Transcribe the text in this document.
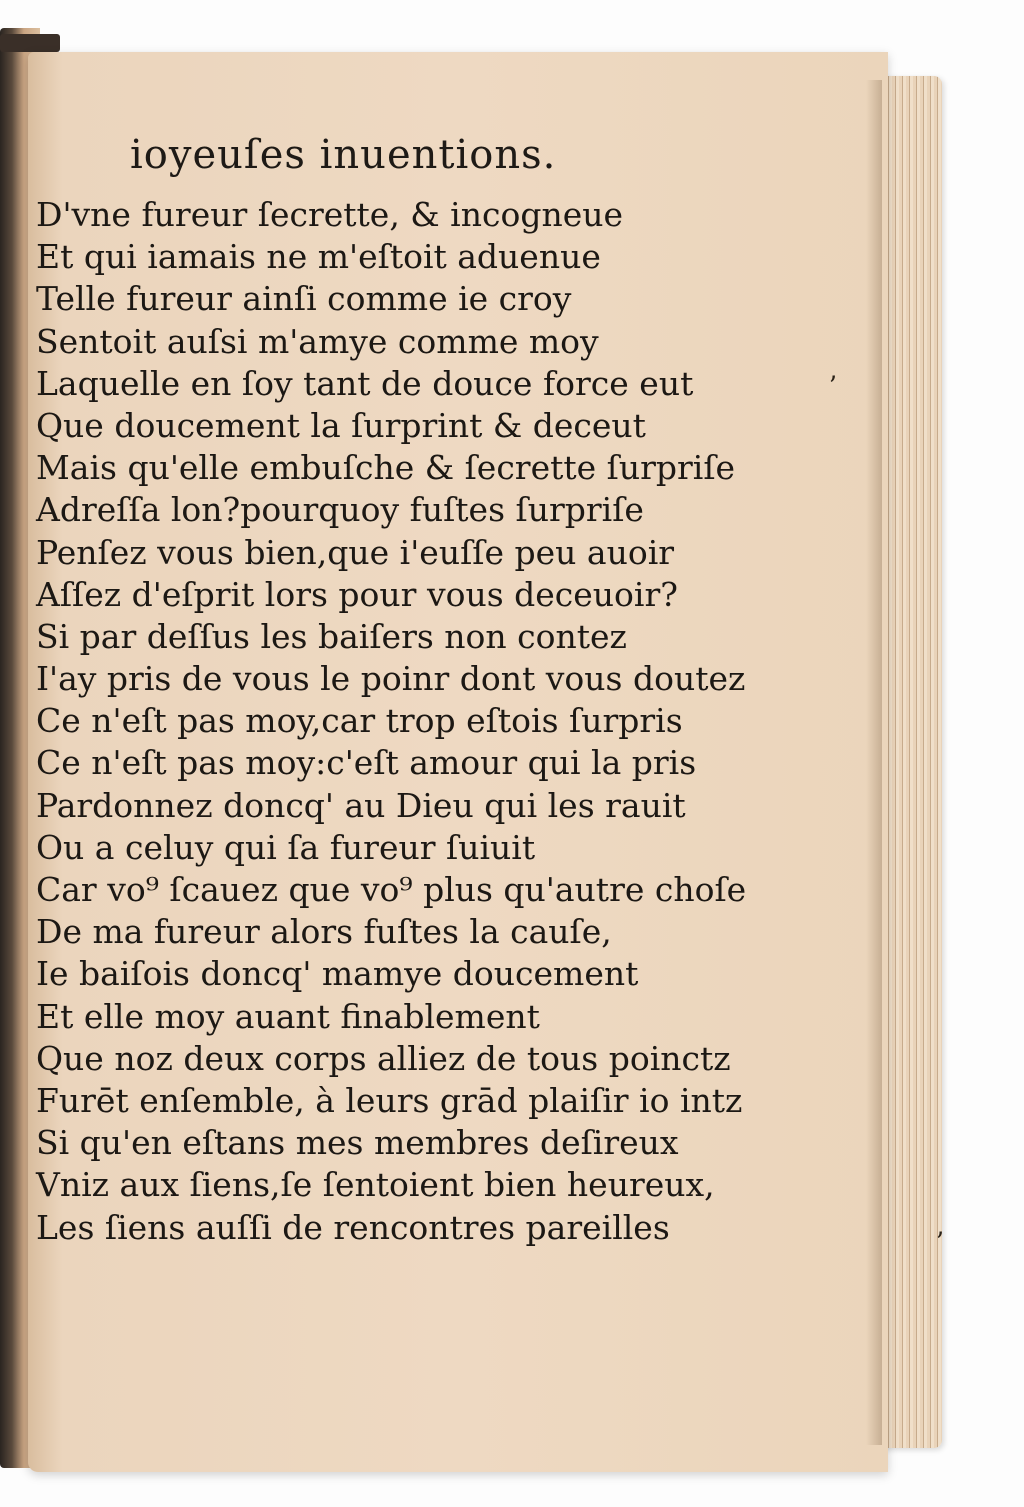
ioyeuſes inuentions.
D'vne fureur ſecrette, & incogneue
Et qui iamais ne m'eſtoit aduenue
Telle fureur ainſi comme ie croy
Sentoit auſsi m'amye comme moy
Laquelle en ſoy tant de douce force eut
Que doucement la ſurprint & deceut
Mais qu'elle embuſche & ſecrette ſurpriſe
Adreſſa lon?pourquoy fuſtes ſurpriſe
Penſez vous bien,que i'euſſe peu auoir
Aſſez d'eſprit lors pour vous deceuoir?
Si par deſſus les baiſers non contez
I'ay pris de vous le poinr dont vous doutez
Ce n'eſt pas moy,car trop eſtois ſurpris
Ce n'eſt pas moy:c'eſt amour qui la pris
Pardonnez doncq' au Dieu qui les rauit
Ou a celuy qui ſa fureur ſuiuit
Car vo⁹ ſcauez que vo⁹ plus qu'autre choſe
De ma fureur alors fuſtes la cauſe,
Ie baiſois doncq' mamye doucement
Et elle moy auant finablement
Que noz deux corps alliez de tous poinctz
Furēt enſemble, à leurs grād plaiſir io intz
Si qu'en eſtans mes membres deſireux
Vniz aux ſiens,ſe ſentoient bien heureux,
Les ſiens auſſi de rencontres pareilles
ʼ
ʼ
